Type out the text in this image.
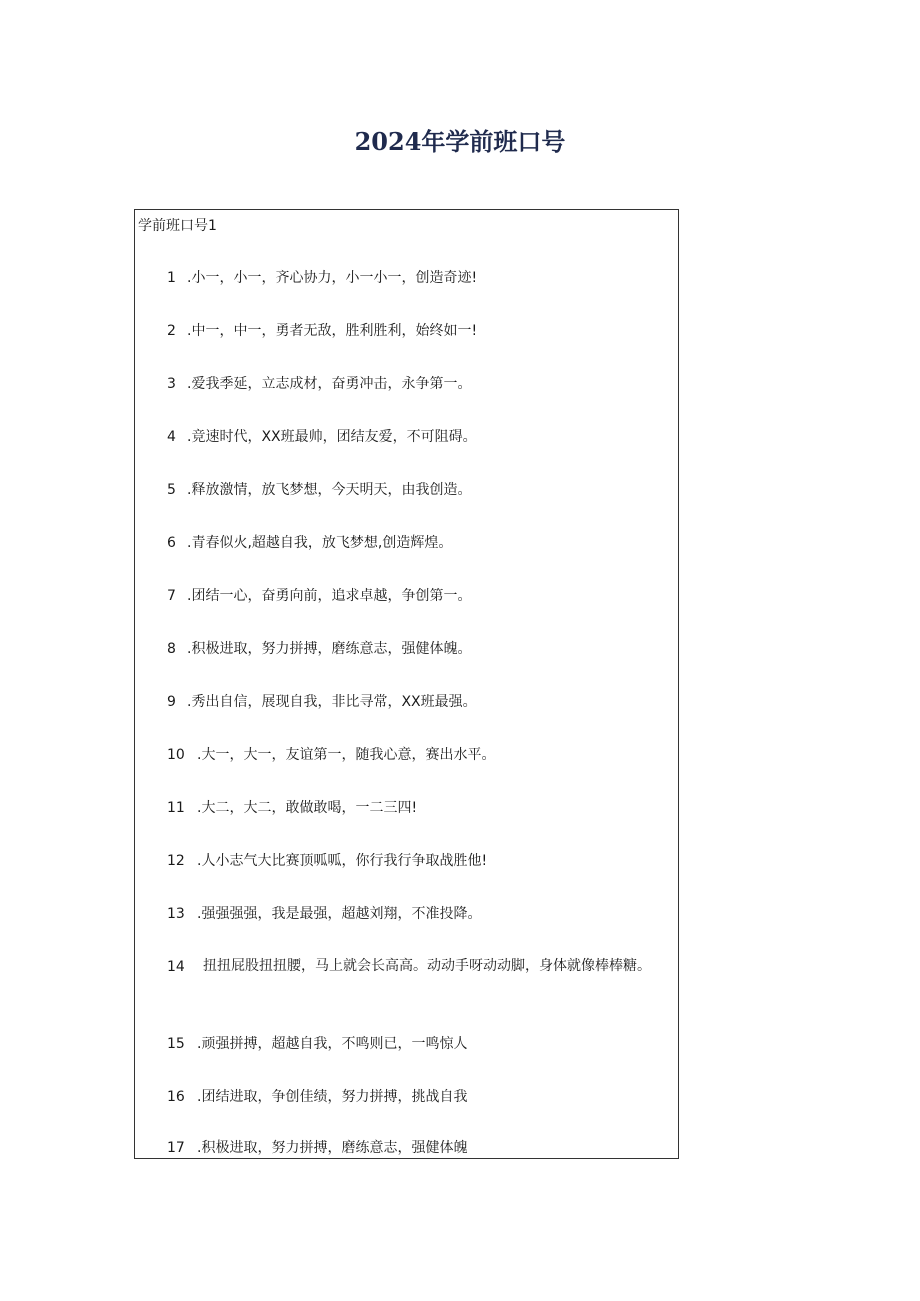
2024年学前班口号

学前班口号1

1 .小一，小一，齐心协力，小一小一，创造奇迹!
2 .中一，中一，勇者无敌，胜利胜利，始终如一!
3 .爱我季延，立志成材，奋勇冲击，永争第一。
4 .竞速时代，XX班最帅，团结友爱，不可阻碍。
5 .释放激情，放飞梦想，今天明天，由我创造。
6 .青春似火,超越自我，放飞梦想,创造辉煌。
7 .团结一心，奋勇向前，追求卓越，争创第一。
8 .积极进取，努力拼搏，磨练意志，强健体魄。
9 .秀出自信，展现自我，非比寻常，XX班最强。
10 .大一，大一，友谊第一，随我心意，赛出水平。
11 .大二，大二，敢做敢喝，一二三四!
12 .人小志气大比赛顶呱呱，你行我行争取战胜他!
13 .强强强强，我是最强，超越刘翔，不准投降。
14 扭扭屁股扭扭腰，马上就会长高高。动动手呀动动脚，身体就像棒棒糖。
15 .顽强拼搏，超越自我，不鸣则已，一鸣惊人
16 .团结进取，争创佳绩，努力拼搏，挑战自我
17 .积极进取，努力拼搏，磨练意志，强健体魄
